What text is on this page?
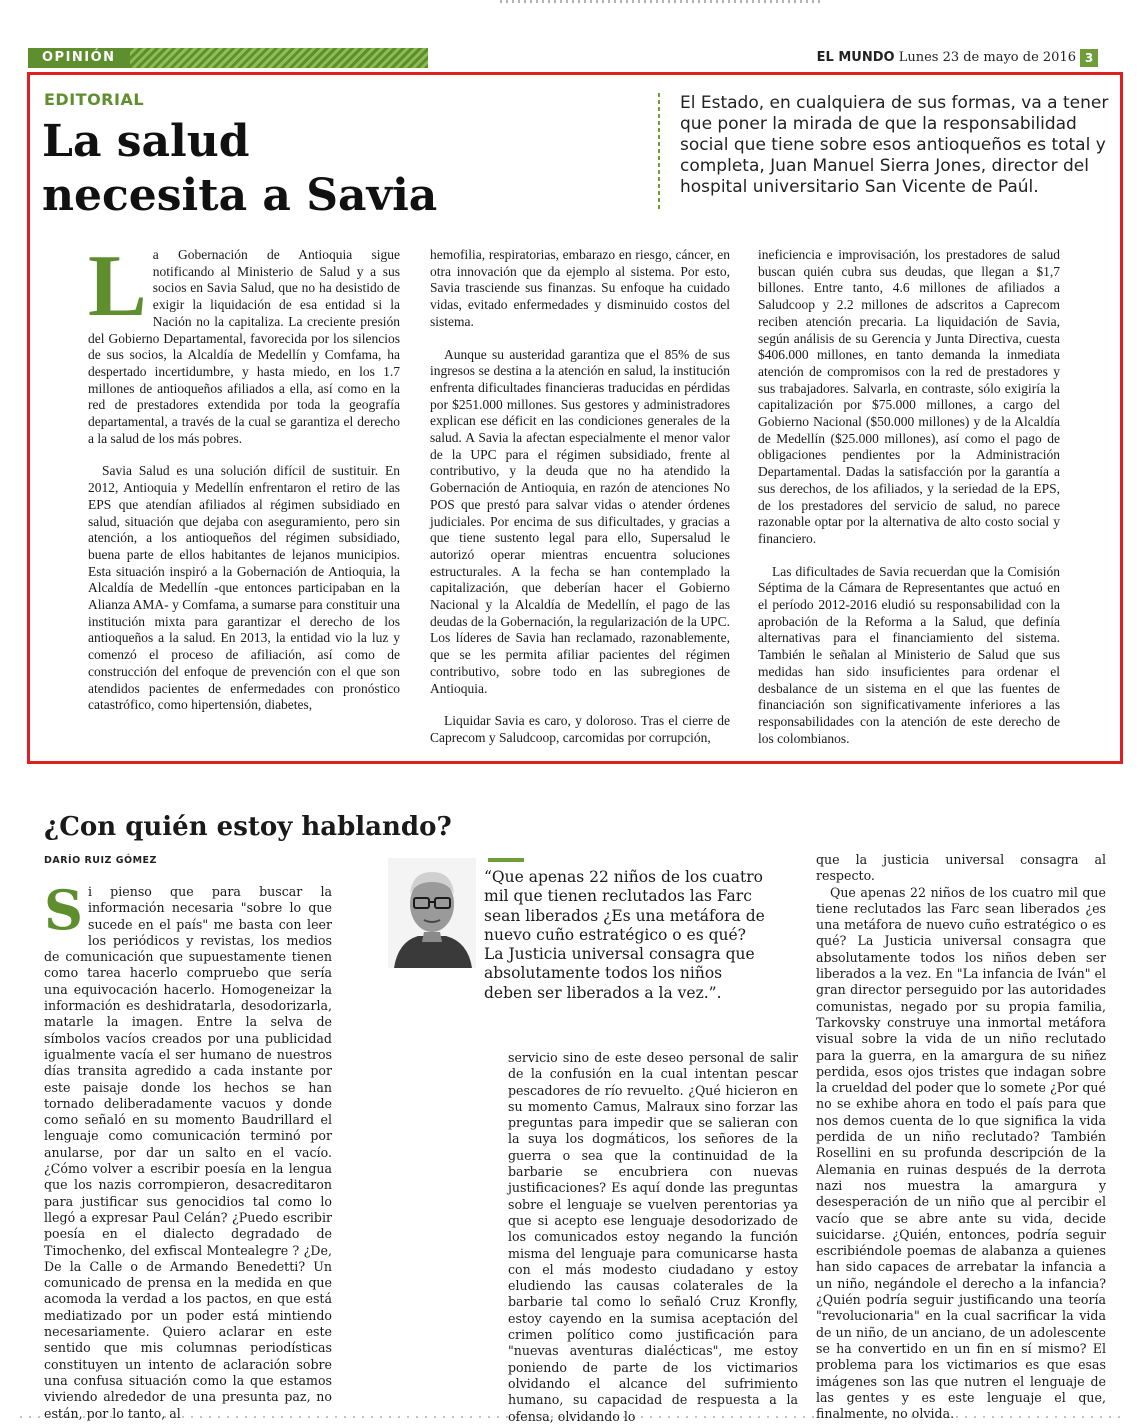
OPINIÓN	EL MUNDO Lunes 23 de mayo de 2016 3
EDITORIAL
La salud
necesita a Savia
El Estado, en cualquiera de sus formas, va a tener que poner la mirada de que la responsabilidad social que tiene sobre esos antioqueños es total y completa, Juan Manuel Sierra Jones, director del hospital universitario San Vicente de Paúl.

La Gobernación de Antioquia sigue notificando al Ministerio de Salud y a sus socios en Savia Salud, que no ha desistido de exigir la liquidación de esa entidad si la Nación no la capitaliza. La creciente presión del Gobierno Departamental, favorecida por los silencios de sus socios, la Alcaldía de Medellín y Comfama, ha despertado incertidumbre, y hasta miedo, en los 1.7 millones de antioqueños afiliados a ella, así como en la red de prestadores extendida por toda la geografía departamental, a través de la cual se garantiza el derecho a la salud de los más pobres.

Savia Salud es una solución difícil de sustituir. En 2012, Antioquia y Medellín enfrentaron el retiro de las EPS que atendían afiliados al régimen subsidiado en salud, situación que dejaba con aseguramiento, pero sin atención, a los antioqueños del régimen subsidiado, buena parte de ellos habitantes de lejanos municipios. Esta situación inspiró a la Gobernación de Antioquia, la Alcaldía de Medellín -que entonces participaban en la Alianza AMA- y Comfama, a sumarse para constituir una institución mixta para garantizar el derecho de los antioqueños a la salud. En 2013, la entidad vio la luz y comenzó el proceso de afiliación, así como de construcción del enfoque de prevención con el que son atendidos pacientes de enfermedades con pronóstico catastrófico, como hipertensión, diabetes,

hemofilia, respiratorias, embarazo en riesgo, cáncer, en otra innovación que da ejemplo al sistema. Por esto, Savia trasciende sus finanzas. Su enfoque ha cuidado vidas, evitado enfermedades y disminuido costos del sistema.

Aunque su austeridad garantiza que el 85% de sus ingresos se destina a la atención en salud, la institución enfrenta dificultades financieras traducidas en pérdidas por $251.000 millones. Sus gestores y administradores explican ese déficit en las condiciones generales de la salud. A Savia la afectan especialmente el menor valor de la UPC para el régimen subsidiado, frente al contributivo, y la deuda que no ha atendido la Gobernación de Antioquia, en razón de atenciones No POS que prestó para salvar vidas o atender órdenes judiciales. Por encima de sus dificultades, y gracias a que tiene sustento legal para ello, Supersalud le autorizó operar mientras encuentra soluciones estructurales. A la fecha se han contemplado la capitalización, que deberían hacer el Gobierno Nacional y la Alcaldía de Medellín, el pago de las deudas de la Gobernación, la regularización de la UPC. Los líderes de Savia han reclamado, razonablemente, que se les permita afiliar pacientes del régimen contributivo, sobre todo en las subregiones de Antioquia.

Liquidar Savia es caro, y doloroso. Tras el cierre de Caprecom y Saludcoop, carcomidas por corrupción,

ineficiencia e improvisación, los prestadores de salud buscan quién cubra sus deudas, que llegan a $1,7 billones. Entre tanto, 4.6 millones de afiliados a Saludcoop y 2.2 millones de adscritos a Caprecom reciben atención precaria. La liquidación de Savia, según análisis de su Gerencia y Junta Directiva, cuesta $406.000 millones, en tanto demanda la inmediata atención de compromisos con la red de prestadores y sus trabajadores. Salvarla, en contraste, sólo exigiría la capitalización por $75.000 millones, a cargo del Gobierno Nacional ($50.000 millones) y de la Alcaldía de Medellín ($25.000 millones), así como el pago de obligaciones pendientes por la Administración Departamental. Dadas la satisfacción por la garantía a sus derechos, de los afiliados, y la seriedad de la EPS, de los prestadores del servicio de salud, no parece razonable optar por la alternativa de alto costo social y financiero.

Las dificultades de Savia recuerdan que la Comisión Séptima de la Cámara de Representantes que actuó en el período 2012-2016 eludió su responsabilidad con la aprobación de la Reforma a la Salud, que definía alternativas para el financiamiento del sistema. También le señalan al Ministerio de Salud que sus medidas han sido insuficientes para ordenar el desbalance de un sistema en el que las fuentes de financiación son significativamente inferiores a las responsabilidades con la atención de este derecho de los colombianos.

¿Con quién estoy hablando?
DARÍO RUIZ GÓMEZ
Si pienso que para buscar la información necesaria "sobre lo que sucede en el país" me basta con leer los periódicos y revistas, los medios de comunicación que supuestamente tienen como tarea hacerlo compruebo que sería una equivocación hacerlo. Homogeneizar la información es deshidratarla, desodorizarla, matarle la imagen. Entre la selva de símbolos vacíos creados por una publicidad igualmente vacía el ser humano de nuestros días transita agredido a cada instante por este paisaje donde los hechos se han tornado deliberadamente vacuos y donde como señaló en su momento Baudrillard el lenguaje como comunicación terminó por anularse, por dar un salto en el vacío. ¿Cómo volver a escribir poesía en la lengua que los nazis corrompieron, desacreditaron para justificar sus genocidios tal como lo llegó a expresar Paul Celán? ¿Puedo escribir poesía en el dialecto degradado de Timochenko, del exfiscal Montealegre ? ¿De, De la Calle o de Armando Benedetti? Un comunicado de prensa en la medida en que acomoda la verdad a los pactos, en que está mediatizado por un poder está mintiendo necesariamente. Quiero aclarar en este sentido que mis columnas periodísticas constituyen un intento de aclaración sobre una confusa situación como la que estamos viviendo alrededor de una presunta paz, no están, por lo tanto, al
“Que apenas 22 niños de los cuatro mil que tienen reclutados las Farc sean liberados ¿Es una metáfora de nuevo cuño estratégico o es qué? La Justicia universal consagra que absolutamente todos los niños deben ser liberados a la vez.”.
servicio sino de este deseo personal de salir de la confusión en la cual intentan pescar pescadores de río revuelto. ¿Qué hicieron en su momento Camus, Malraux sino forzar las preguntas para impedir que se salieran con la suya los dogmáticos, los señores de la guerra o sea que la continuidad de la barbarie se encubriera con nuevas justificaciones? Es aquí donde las preguntas sobre el lenguaje se vuelven perentorias ya que si acepto ese lenguaje desodorizado de los comunicados estoy negando la función misma del lenguaje para comunicarse hasta con el más modesto ciudadano y estoy eludiendo las causas colaterales de la barbarie tal como lo señaló Cruz Kronfly, estoy cayendo en la sumisa aceptación del crimen político como justificación para "nuevas aventuras dialécticas", me estoy poniendo de parte de los victimarios olvidando el alcance del sufrimiento humano, su capacidad de respuesta a la ofensa, olvidando lo
que la justicia universal consagra al respecto.
Que apenas 22 niños de los cuatro mil que tiene reclutados las Farc sean liberados ¿es una metáfora de nuevo cuño estratégico o es qué? La Justicia universal consagra que absolutamente todos los niños deben ser liberados a la vez. En "La infancia de Iván" el gran director perseguido por las autoridades comunistas, negado por su propia familia, Tarkovsky construye una inmortal metáfora visual sobre la vida de un niño reclutado para la guerra, en la amargura de su niñez perdida, esos ojos tristes que indagan sobre la crueldad del poder que lo somete ¿Por qué no se exhibe ahora en todo el país para que nos demos cuenta de lo que significa la vida perdida de un niño reclutado? También Rosellini en su profunda descripción de la Alemania en ruinas después de la derrota nazi nos muestra la amargura y desesperación de un niño que al percibir el vacío que se abre ante su vida, decide suicidarse. ¿Quién, entonces, podría seguir escribiéndole poemas de alabanza a quienes han sido capaces de arrebatar la infancia a un niño, negándole el derecho a la infancia? ¿Quién podría seguir justificando una teoría "revolucionaria" en la cual sacrificar la vida de un niño, de un anciano, de un adolescente se ha convertido en un fin en sí mismo? El problema para los victimarios es que esas imágenes son las que nutren el lenguaje de las gentes y es este lenguaje el que, finalmente, no olvida.
